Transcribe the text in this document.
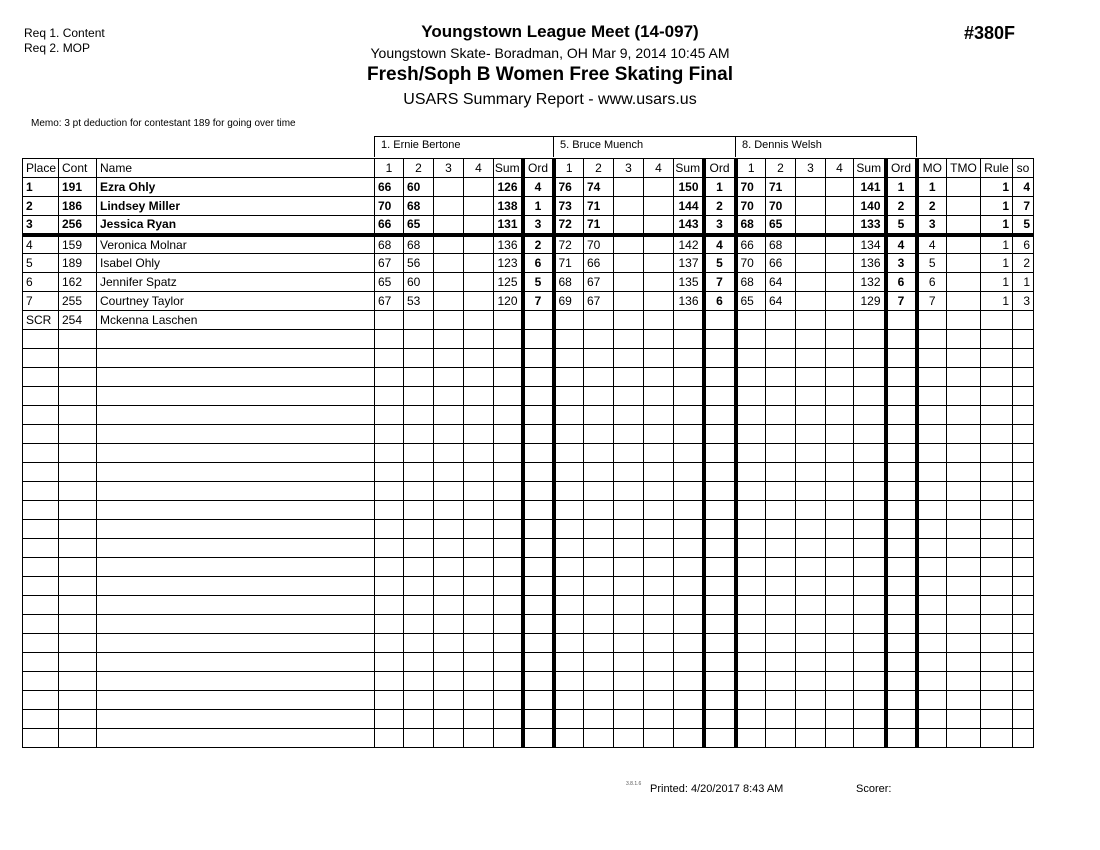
Req 1. Content
Req 2. MOP
Youngstown League Meet (14-097)
Youngstown Skate- Boradman, OH Mar 9, 2014 10:45 AM
Fresh/Soph B Women Free Skating Final
USARS Summary Report - www.usars.us
#380F
Memo: 3 pt deduction for contestant 189 for going over time
1. Ernie Bertone	5. Bruce Muench	8. Dennis Welsh
Place	Cont	Name	1	2	3	4	Sum	Ord	1	2	3	4	Sum	Ord	1	2	3	4	Sum	Ord	MO	TMO	Rule	so
1	191	Ezra Ohly	66	60			126	4	76	74			150	1	70	71			141	1	1		1	4
2	186	Lindsey Miller	70	68			138	1	73	71			144	2	70	70			140	2	2		1	7
3	256	Jessica Ryan	66	65			131	3	72	71			143	3	68	65			133	5	3		1	5
4	159	Veronica Molnar	68	68			136	2	72	70			142	4	66	68			134	4	4		1	6
5	189	Isabel Ohly	67	56			123	6	71	66			137	5	70	66			136	3	5		1	2
6	162	Jennifer Spatz	65	60			125	5	68	67			135	7	68	64			132	6	6		1	1
7	255	Courtney Taylor	67	53			120	7	69	67			136	6	65	64			129	7	7		1	3
SCR	254	Mckenna Laschen																						

3.8.1.6 Printed: 4/20/2017 8:43 AM	Scorer:
